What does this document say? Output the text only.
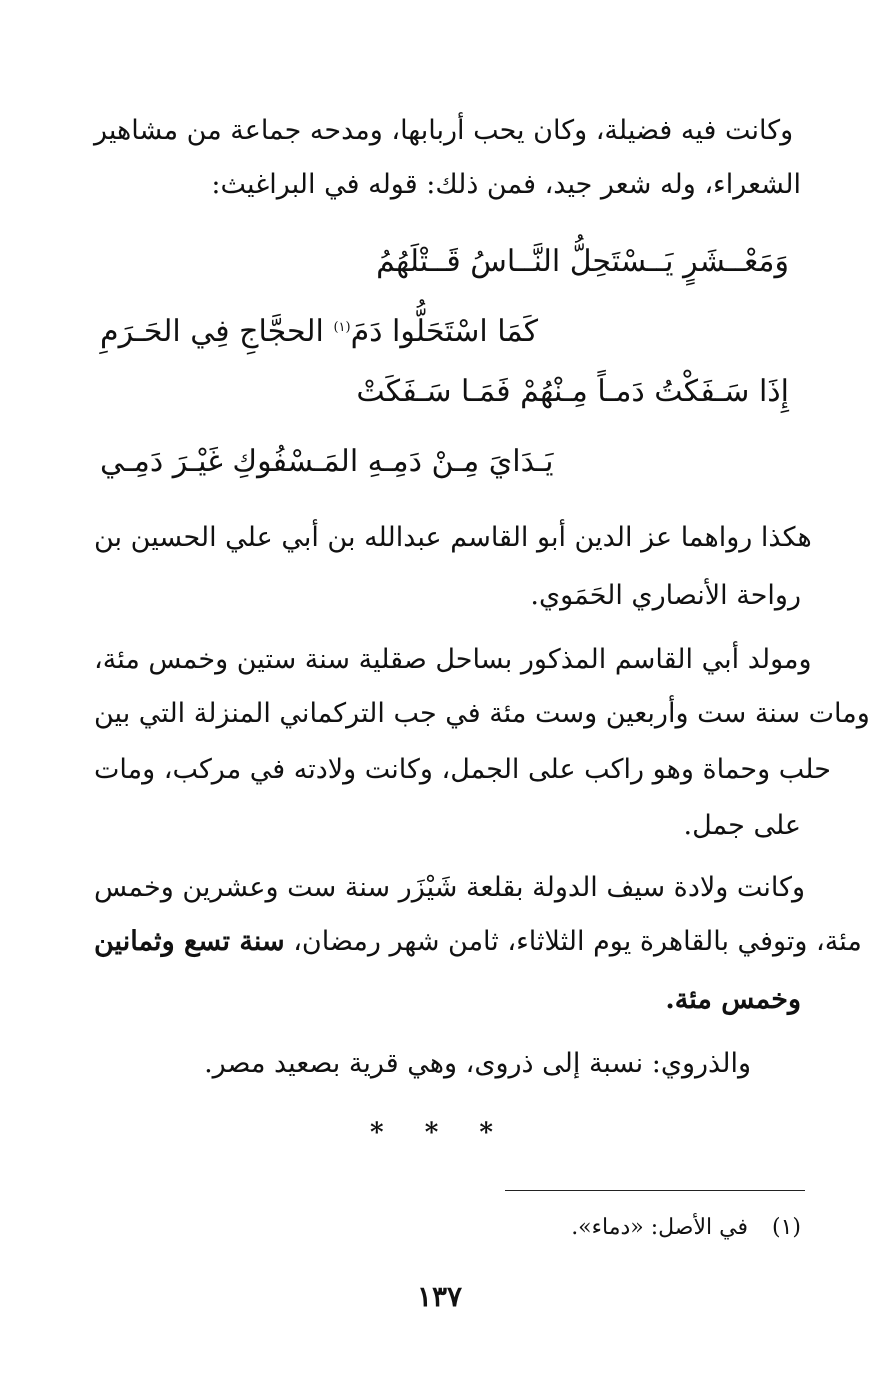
وكانت فيه فضيلة، وكان يحب أربابها، ومدحه جماعة من مشاهير
الشعراء، وله شعر جيد، فمن ذلك: قوله في البراغيث:
وَمَعْــشَرٍ يَــسْتَحِلُّ النَّــاسُ قَــتْلَهُمُ
كَمَا اسْتَحَلُّوا دَمَ$^{(١)}$ الحجَّاجِ فِي الحَـرَمِ
إِذَا سَـفَكْتُ دَمـاً مِـنْهُمْ فَمَـا سَـفَكَتْ
يَـدَايَ مِـنْ دَمِـهِ المَـسْفُوكِ غَيْـرَ دَمِـي
هكذا رواهما عز الدين أبو القاسم عبدالله بن أبي علي الحسين بن
رواحة الأنصاري الحَمَوي.
ومولد أبي القاسم المذكور بساحل صقلية سنة ستين وخمس مئة،
ومات سنة ست وأربعين وست مئة في جب التركماني المنزلة التي بين
حلب وحماة وهو راكب على الجمل، وكانت ولادته في مركب، ومات
على جمل.
وكانت ولادة سيف الدولة بقلعة شَيْزَر سنة ست وعشرين وخمس
مئة، وتوفي بالقاهرة يوم الثلاثاء، ثامن شهر رمضان، سنة تسع وثمانين
وخمس مئة.
والذروي: نسبة إلى ذروى، وهي قرية بصعيد مصر.
* * *
(١)في الأصل: «دماء».
١٣٧
